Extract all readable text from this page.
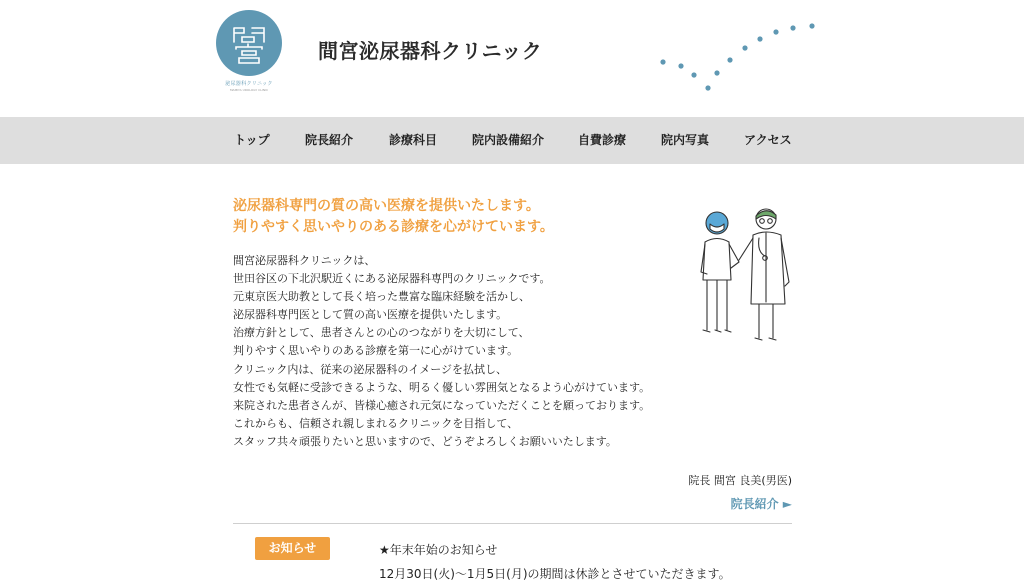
泌尿器科クリニック
MAMIYA UROLOGY CLINIC
間宮泌尿器科クリニック
トップ	院長紹介	診療科目	院内設備紹介	自費診療	院内写真	アクセス
泌尿器科専門の質の高い医療を提供いたします。
判りやすく思いやりのある診療を心がけています。
間宮泌尿器科クリニックは、
世田谷区の下北沢駅近くにある泌尿器科専門のクリニックです。
元東京医大助教として長く培った豊富な臨床経験を活かし、
泌尿器科専門医として質の高い医療を提供いたします。
治療方針として、患者さんとの心のつながりを大切にして、
判りやすく思いやりのある診療を第一に心がけています。
クリニック内は、従来の泌尿器科のイメージを払拭し、
女性でも気軽に受診できるような、明るく優しい雰囲気となるよう心がけています。
来院された患者さんが、皆様心癒され元気になっていただくことを願っております。
これからも、信頼され親しまれるクリニックを目指して、
スタッフ共々頑張りたいと思いますので、どうぞよろしくお願いいたします。
院長 間宮 良美(男医)
院長紹介 ►
お知らせ	★年末年始のお知らせ
12月30日(火)～1月5日(月)の期間は休診とさせていただきます。
